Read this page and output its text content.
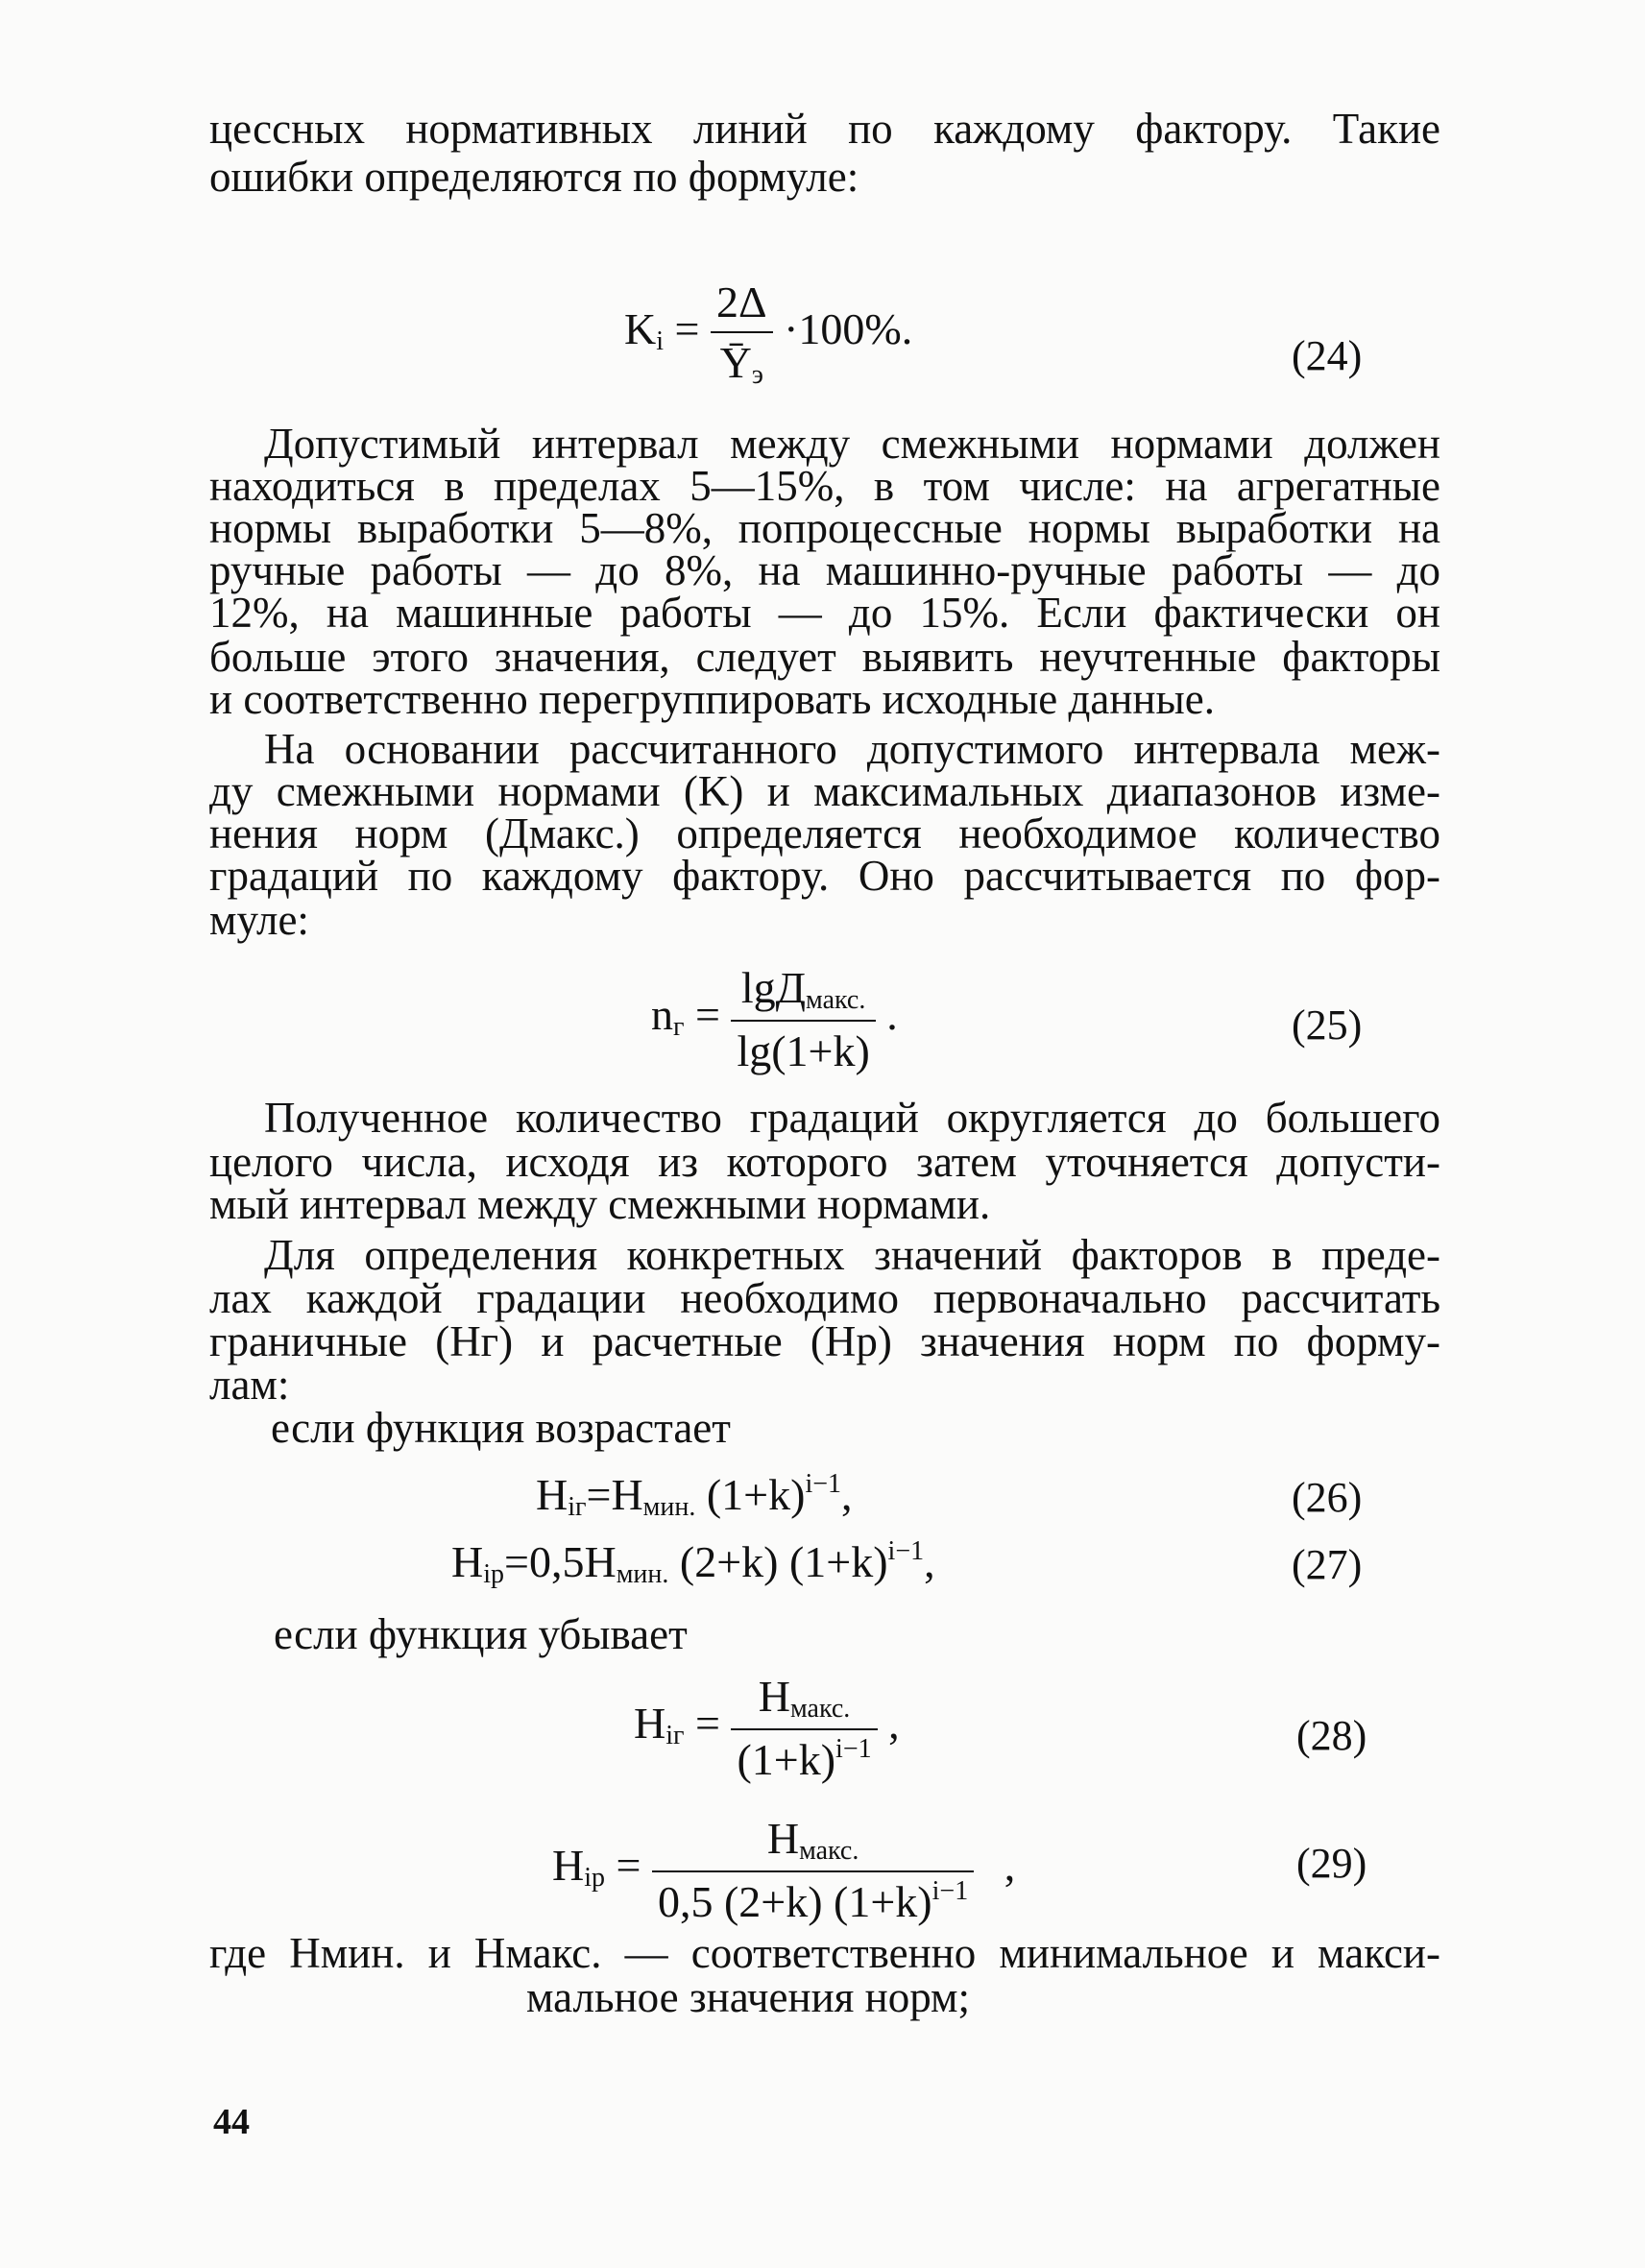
цессных нормативных линий по каждому фактору. Такие
ошибки определяются по формуле:
$K_i = \frac{2\Delta}{Ȳ_э} \cdot 100\%$.
(24)
Допустимый интервал между смежными нормами должен
находиться в пределах 5—15%, в том числе: на агрегатные
нормы выработки 5—8%, попроцессные нормы выработки на
ручные работы — до 8%, на машинно-ручные работы — до
12%, на машинные работы — до 15%. Если фактически он
больше этого значения, следует выявить неучтенные факторы
и соответственно перегруппировать исходные данные.
На основании рассчитанного допустимого интервала меж-
ду смежными нормами (K) и максимальных диапазонов изме-
нения норм (Дмакс.) определяется необходимое количество
градаций по каждому фактору. Оно рассчитывается по фор-
муле:
$n_г = \frac{\lg Д_{макс.}}{\lg(1+k)}$ .	(25)
Полученное количество градаций округляется до большего
целого числа, исходя из которого затем уточняется допусти-
мый интервал между смежными нормами.
Для определения конкретных значений факторов в преде-
лах каждой градации необходимо первоначально рассчитать
граничные (Нг) и расчетные (Нр) значения норм по форму-
лам:
если функция возрастает
$H_{iг}=H_{мин.}$ $(1+k)^{i-1}$,	(26)
$H_{iр}=0,5H_{мин.}$ (2+k) $(1+k)^{i-1}$,	(27)
если функция убывает
$H_{iг} = \frac{H_{макс.}}{(1+k)^{i-1}}$ ,	(28)
$H_{iр} = \frac{H_{макс.}}{0,5 (2+k) (1+k)^{i-1}}$ ,	(29)
где Нмин. и Нмакс. — соответственно минимальное и макси-
мальное значения норм;
44
